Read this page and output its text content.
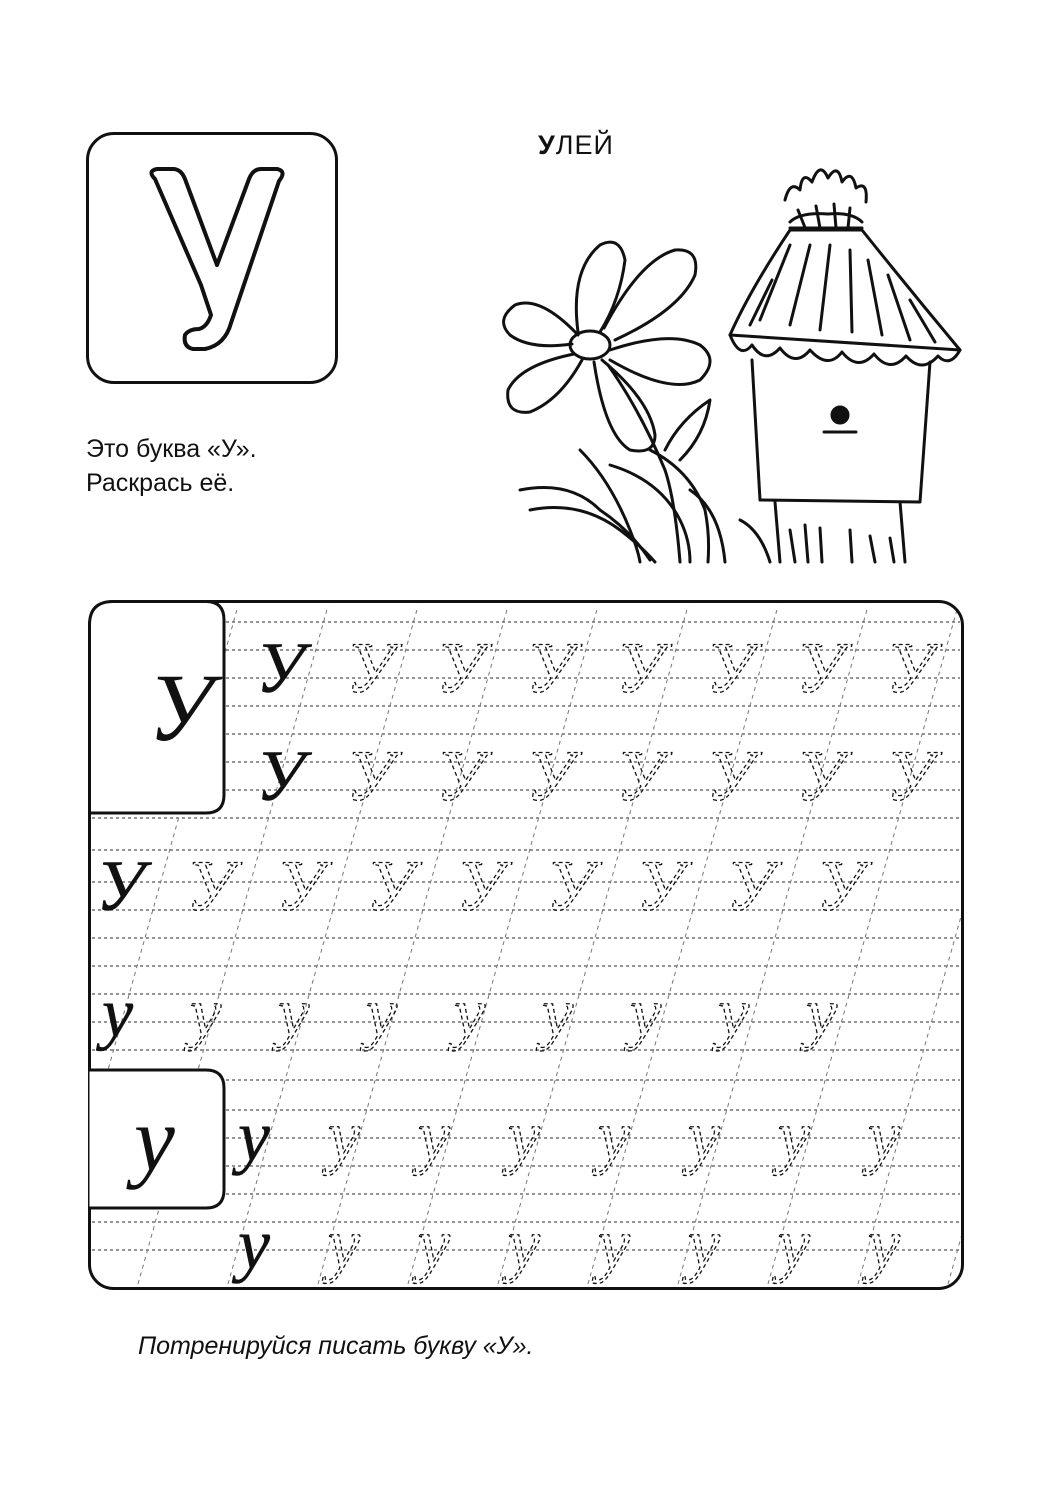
УЛЕЙ
Это буква «У».
Раскрась её.
У У У У У У У У
У У У У У У У У
У У У У У У У У У
у у у у у у у у у
у у у у у у у у
у у у у у у у у
У
у
Потренируйся писать букву «У».
